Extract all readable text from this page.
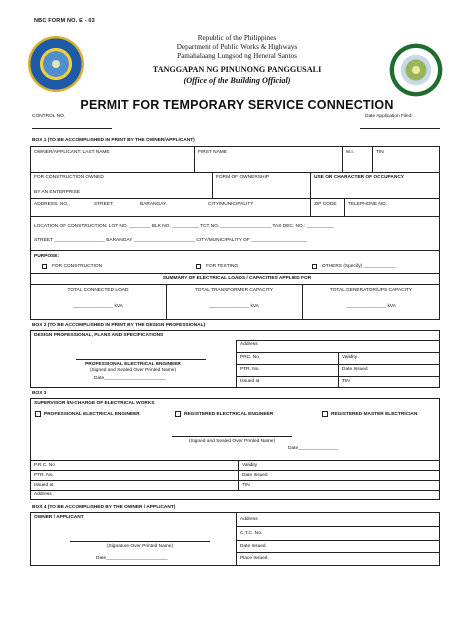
NBC FORM NO. E - 03
Republic of the Philippines
Department of Public Works & Highways
Pamahalaang Lungsod ng Heneral Santos
TANGGAPAN NG PINUNONG PANGGUSALI
(Office of the Building Official)
PERMIT FOR TEMPORARY SERVICE CONNECTION
CONTROL NO.	Date Application Filed:
BOX 1 (TO BE ACCOMPLISHED IN PRINT BY THE OWNER/APPLICANT)
OWNER/APPLICANT: LAST NAME	FIRST NAME	M.I.	TIN
FOR CONSTRUCTION OWNED	FORM OF OWNERSHIP	USE OR CHARACTER OF OCCUPANCY
BY AN ENTERPRISE
ADDRESS: NO.,	STREET,	BARANGAY,	CITY/MUNICIPALITY	ZIP CODE TELEPHONE NO.
LOCATION OF CONSTRUCTION: LOT NO. ________ BLK NO. __________ TCT NO. ___________________ TAX DEC. NO.: __________
STREET ___________________ BARANGAY _______________________ CITY/MUNICIPALITY OF _____________________
PURPOSE:
FOR CONSTRUCTION	FOR TESTING	OTHERS (Specify) ____________
SUMMARY OF ELECTRICAL LOADS / CAPACITIES APPLIED FOR
TOTAL CONNECTED LOAD	TOTAL TRANSFORMER CAPACITY	TOTAL GENERATOR/UPS CAPACITY
_______________ kVA	_______________ kVA	_______________ kVA
BOX 2 (TO BE ACCOMPLISHED IN PRINT BY THE DESIGN PROFESSIONAL)
DESIGN PROFESSIONAL, PLANS AND SPECIFICATIONS
Address
PRC. No	Validity
PTR. No.	Date Issued
Issued at	TIN
PROFESSIONAL ELECTRICAL ENGINEER
(Signed and Sealed Over Printed Name)
Date_______________________
BOX 3
SUPERVISOR /IN-CHARGE OF ELECTRICAL WORKS
PROFESSIONAL ELECTRICAL ENGINEER	REGISTERED ELECTRICAL ENGINEER	REGISTERED MASTER ELECTRICIAN
(Signed and Sealed Over Printed Name)
Date_______________
P.R.C. No	Validity
PTR. No.	Date Issued
Issued at	TIN
Address
BOX 4 (TO BE ACCOMPLISHED BY THE OWNER / APPLICANT)
OWNER / APPLICANT	Address
C.T.C. No.
Date Issued
Place Issued
(Signature Over Printed Name)
Date_______________________
